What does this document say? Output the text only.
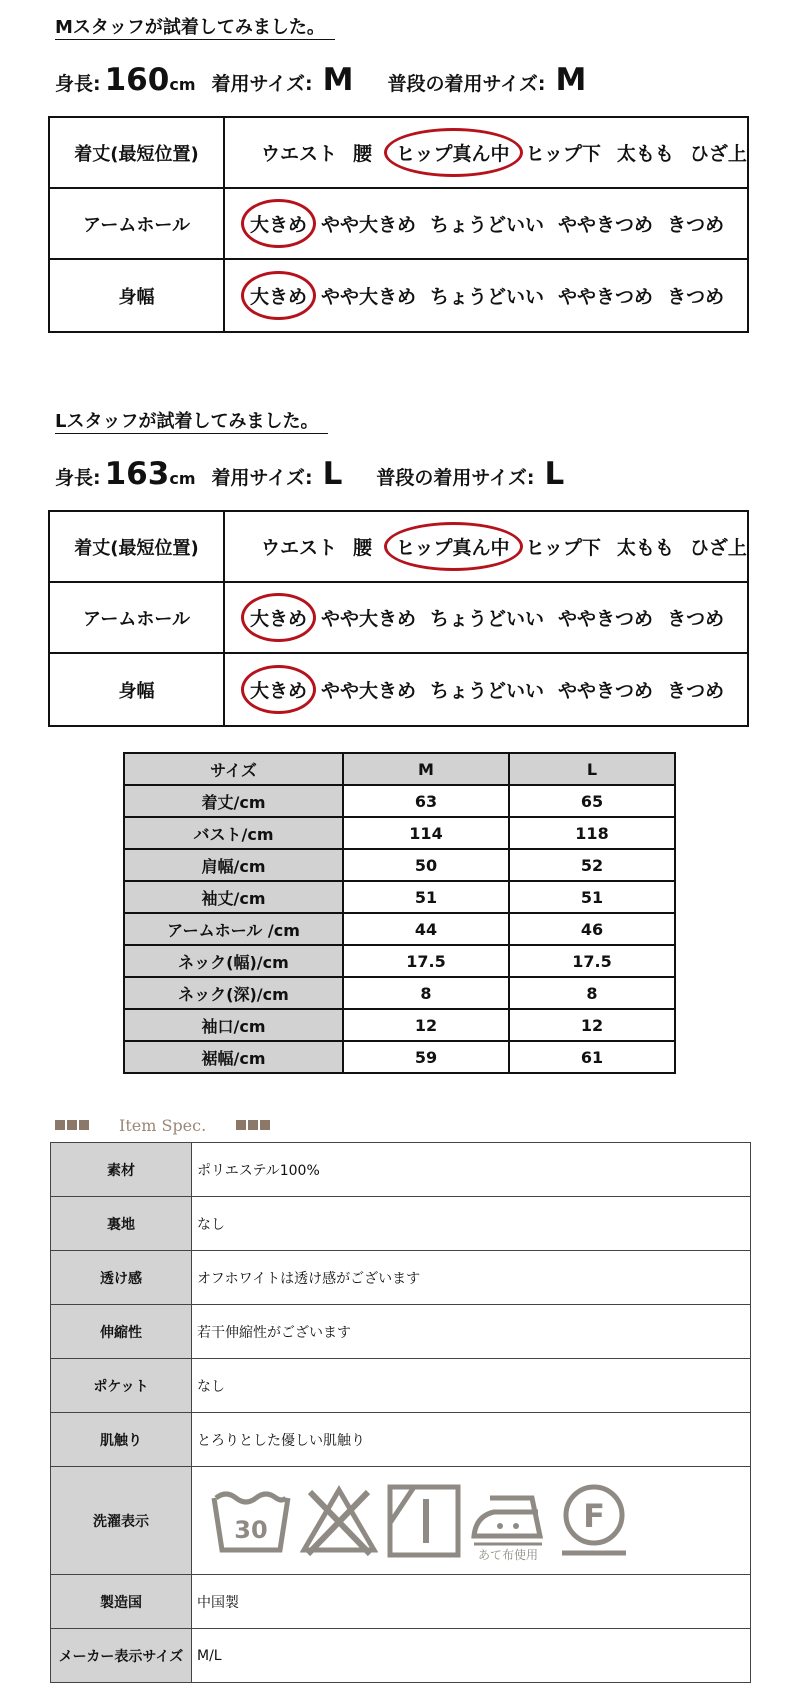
Mスタッフが試着してみました。
身長: 160 cm 着用サイズ: M 普段の着用サイズ: M
着丈(最短位置)	ウエスト 腰 ヒップ真ん中 ヒップ下 太もも ひざ上
アームホール	大きめ やや大きめ ちょうどいい ややきつめ きつめ
身幅	大きめ やや大きめ ちょうどいい ややきつめ きつめ
Lスタッフが試着してみました。
身長: 163 cm 着用サイズ: L 普段の着用サイズ: L
着丈(最短位置)	ウエスト 腰 ヒップ真ん中 ヒップ下 太もも ひざ上
アームホール	大きめ やや大きめ ちょうどいい ややきつめ きつめ
身幅	大きめ やや大きめ ちょうどいい ややきつめ きつめ
サイズ	M	L
着丈/cm	63	65
バスト/cm	114	118
肩幅/cm	50	52
袖丈/cm	51	51
アームホール /cm	44	46
ネック(幅)/cm	17.5	17.5
ネック(深)/cm	8	8
袖口/cm	12	12
裾幅/cm	59	61
Item Spec.
素材	ポリエステル100%
裏地	なし
透け感	オフホワイトは透け感がございます
伸縮性	若干伸縮性がございます
ポケット	なし
肌触り	とろりとした優しい肌触り
洗濯表示	30
あて布使用
F

製造国	中国製
メーカー表示サイズ	M/L
